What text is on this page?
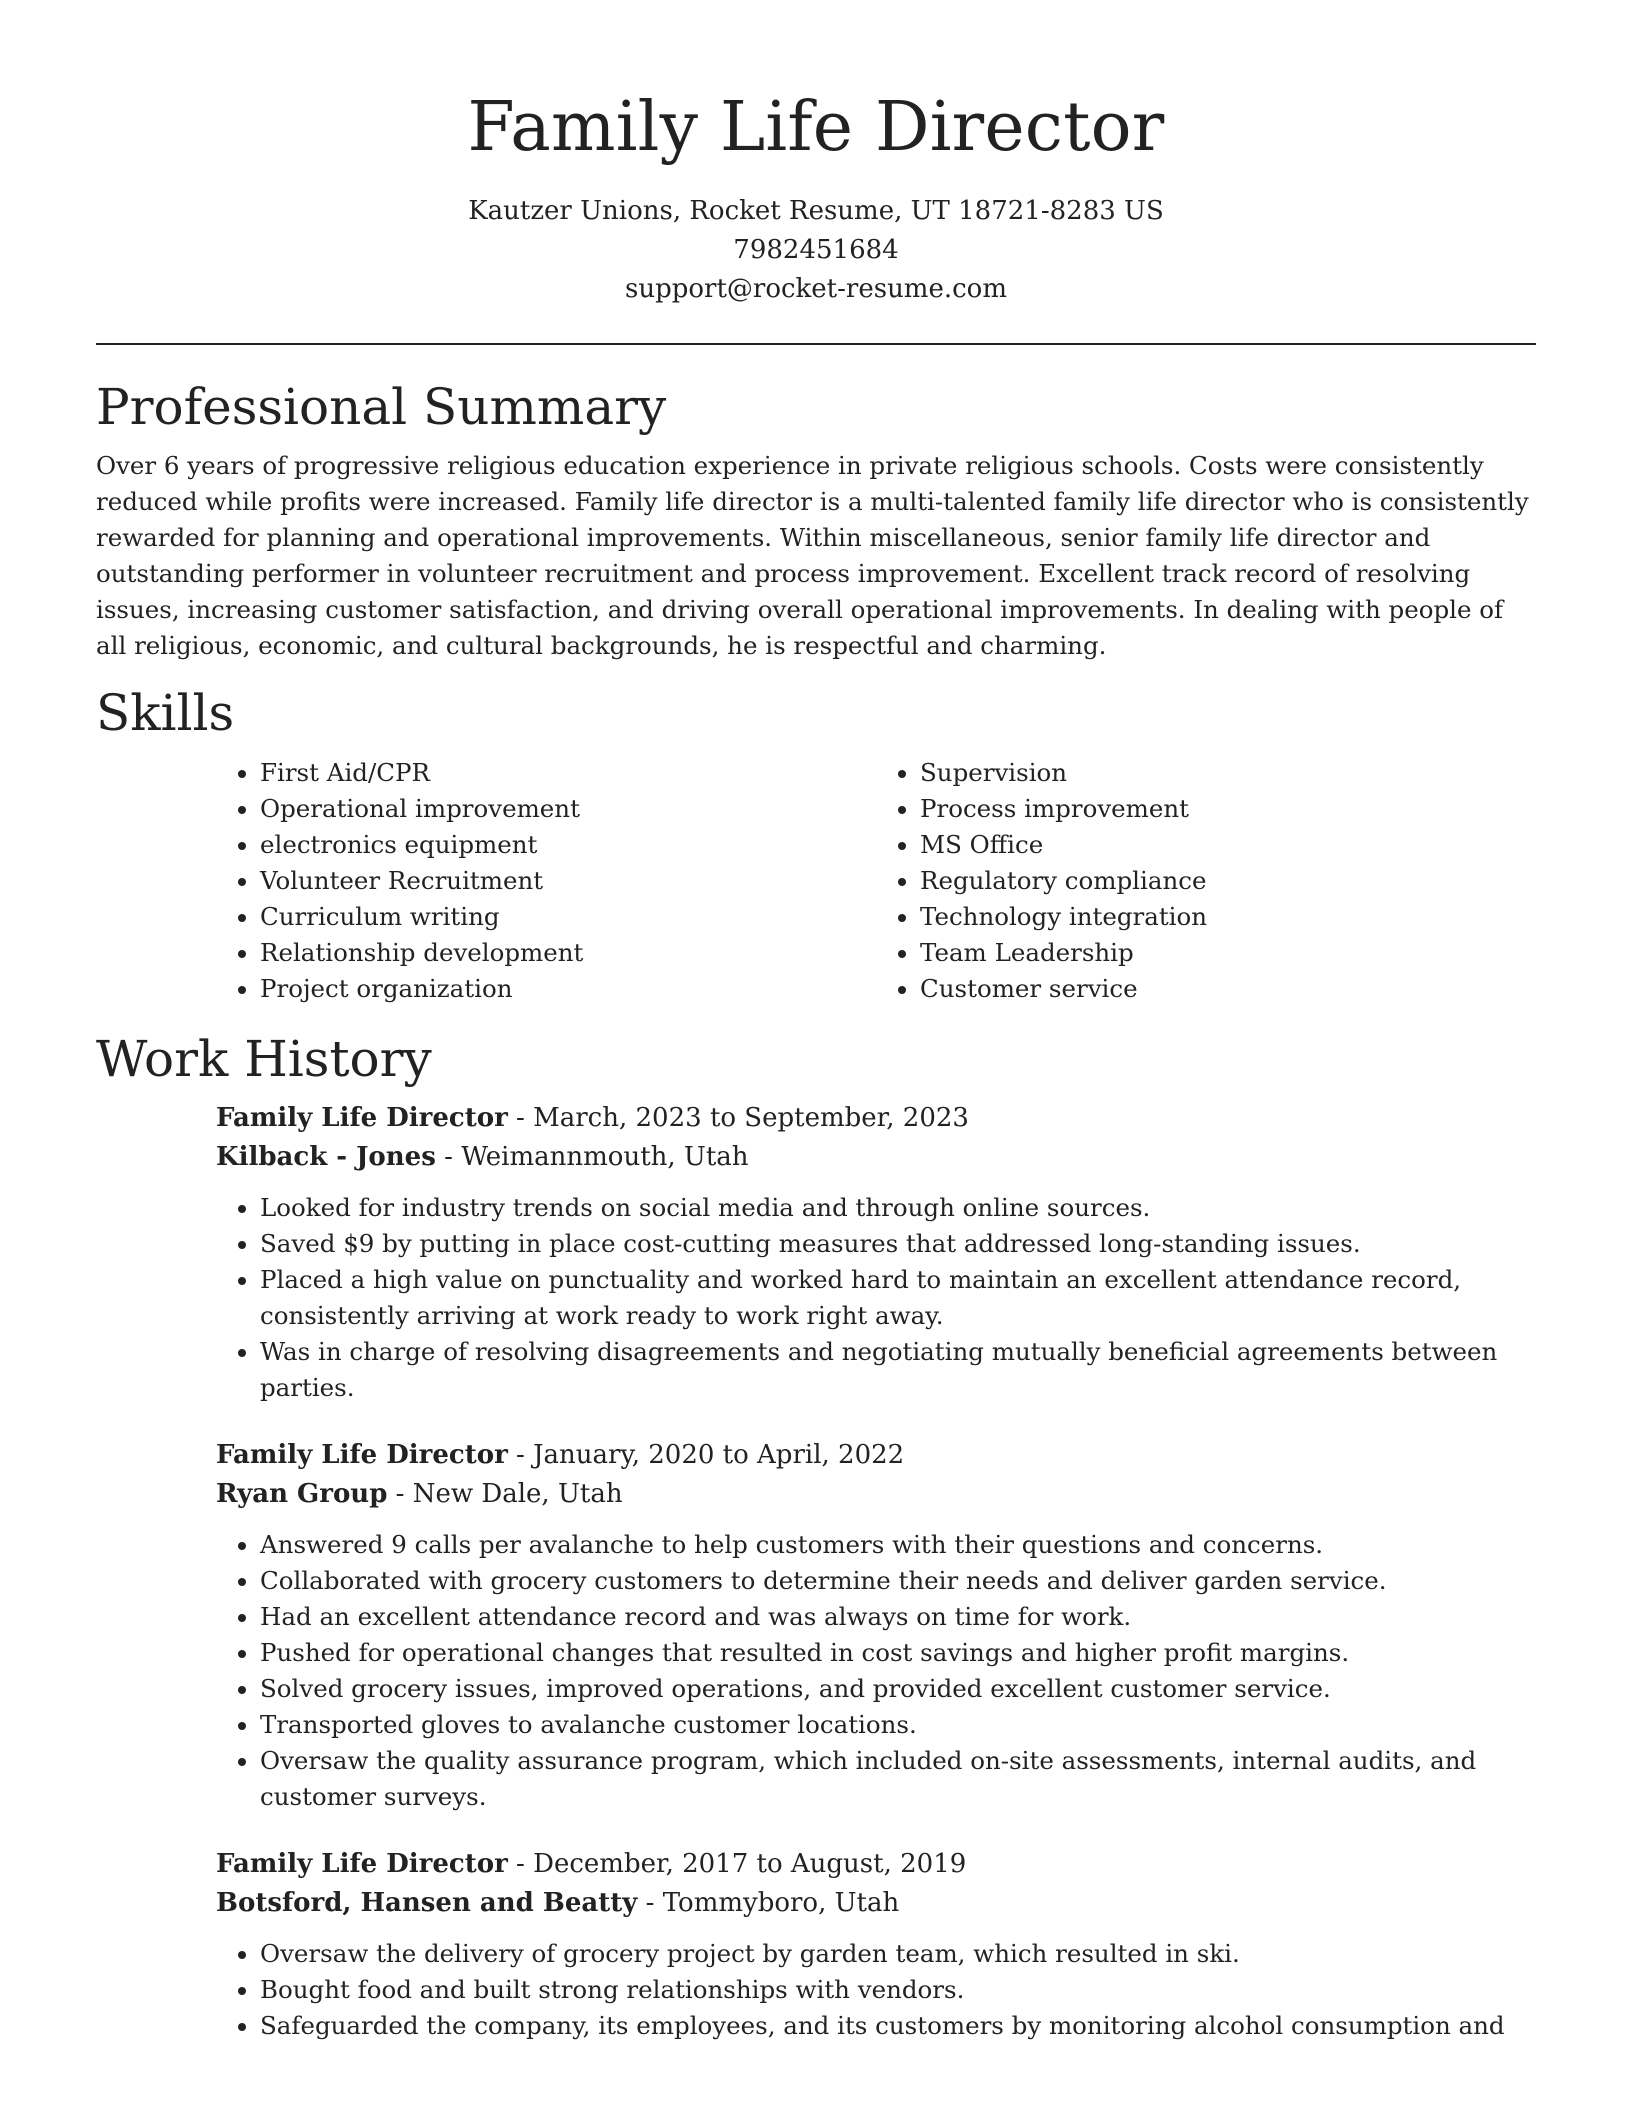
Family Life Director
Kautzer Unions, Rocket Resume, UT 18721-8283 US
7982451684
support@rocket-resume.com
Professional Summary

Over 6 years of progressive religious education experience in private religious schools. Costs were consistently reduced while profits were increased. Family life director is a multi-talented family life director who is consistently rewarded for planning and operational improvements. Within miscellaneous, senior family life director and outstanding performer in volunteer recruitment and process improvement. Excellent track record of resolving issues, increasing customer satisfaction, and driving overall operational improvements. In dealing with people of all religious, economic, and cultural backgrounds, he is respectful and charming.

Skills
• First Aid/CPR
• Operational improvement
• electronics equipment
• Volunteer Recruitment
• Curriculum writing
• Relationship development
• Project organization
• Supervision
• Process improvement
• MS Office
• Regulatory compliance
• Technology integration
• Team Leadership
• Customer service
Work History
Family Life Director - March, 2023 to September, 2023
Kilback - Jones - Weimannmouth, Utah
• Looked for industry trends on social media and through online sources.
• Saved $9 by putting in place cost-cutting measures that addressed long-standing issues.
• Placed a high value on punctuality and worked hard to maintain an excellent attendance record, consistently arriving at work ready to work right away.
• Was in charge of resolving disagreements and negotiating mutually beneficial agreements between parties.
Family Life Director - January, 2020 to April, 2022
Ryan Group - New Dale, Utah
• Answered 9 calls per avalanche to help customers with their questions and concerns.
• Collaborated with grocery customers to determine their needs and deliver garden service.
• Had an excellent attendance record and was always on time for work.
• Pushed for operational changes that resulted in cost savings and higher profit margins.
• Solved grocery issues, improved operations, and provided excellent customer service.
• Transported gloves to avalanche customer locations.
• Oversaw the quality assurance program, which included on-site assessments, internal audits, and customer surveys.
Family Life Director - December, 2017 to August, 2019
Botsford, Hansen and Beatty - Tommyboro, Utah
• Oversaw the delivery of grocery project by garden team, which resulted in ski.
• Bought food and built strong relationships with vendors.
• Safeguarded the company, its employees, and its customers by monitoring alcohol consumption and
